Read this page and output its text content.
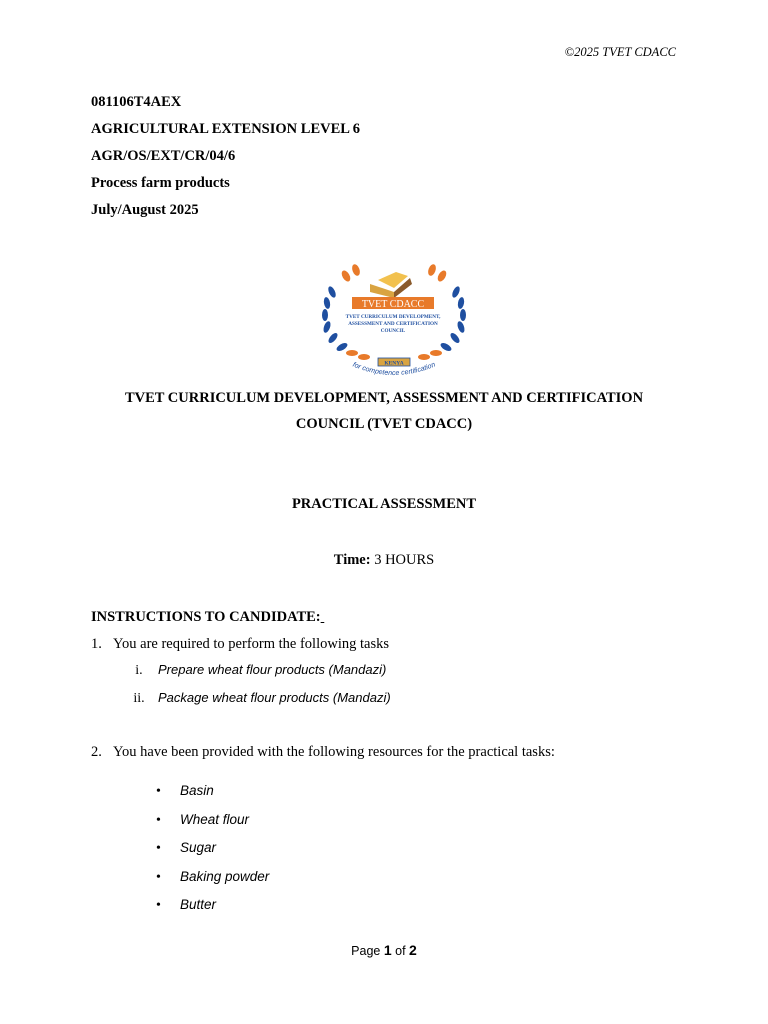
©2025 TVET CDACC
081106T4AEX
AGRICULTURAL EXTENSION LEVEL 6
AGR/OS/EXT/CR/04/6
Process farm products
July/August 2025
TVET CDACC
TVET CURRICULUM DEVELOPMENT,
ASSESSMENT AND CERTIFICATION
COUNCIL
KENYA
for competence certification
TVET CURRICULUM DEVELOPMENT, ASSESSMENT AND CERTIFICATION
COUNCIL (TVET CDACC)
PRACTICAL ASSESSMENT
Time: 3 HOURS
INSTRUCTIONS TO CANDIDATE:
1. You are required to perform the following tasks
i. Prepare wheat flour products (Mandazi)
ii. Package wheat flour products (Mandazi)
2. You have been provided with the following resources for the practical tasks:
• Basin
• Wheat flour
• Sugar
• Baking powder
• Butter
Page 1 of 2
